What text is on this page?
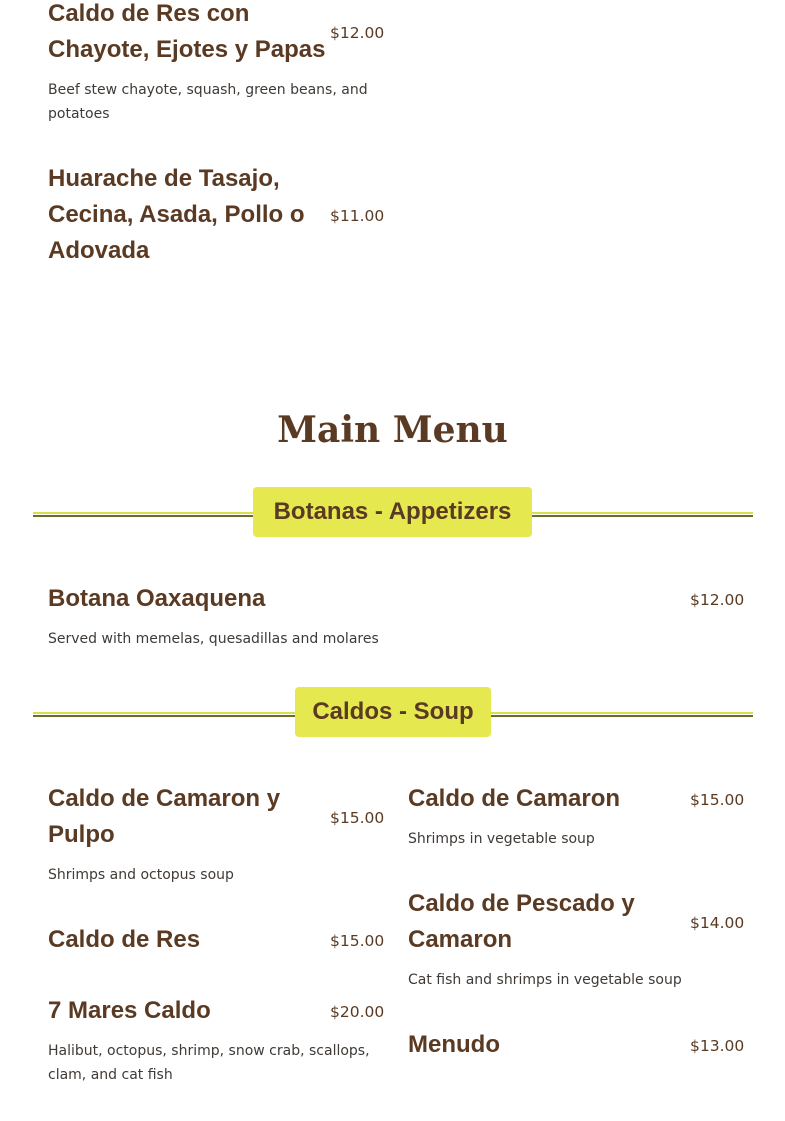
Caldo de Res con
Chayote, Ejotes y Papas
$12.00
Beef stew chayote, squash, green beans, and
potatoes
Huarache de Tasajo,
Cecina, Asada, Pollo o
Adovada
$11.00
Main Menu
Botanas - Appetizers
Botana Oaxaquena	$12.00
Served with memelas, quesadillas and molares
Caldos - Soup
Caldo de Camaron y
Pulpo
$15.00
Shrimps and octopus soup
Caldo de Res	$15.00
7 Mares Caldo	$20.00
Halibut, octopus, shrimp, snow crab, scallops,
clam, and cat fish
Caldo de Camaron	$15.00
Shrimps in vegetable soup
Caldo de Pescado y
Camaron
$14.00
Cat fish and shrimps in vegetable soup
Menudo	$13.00
